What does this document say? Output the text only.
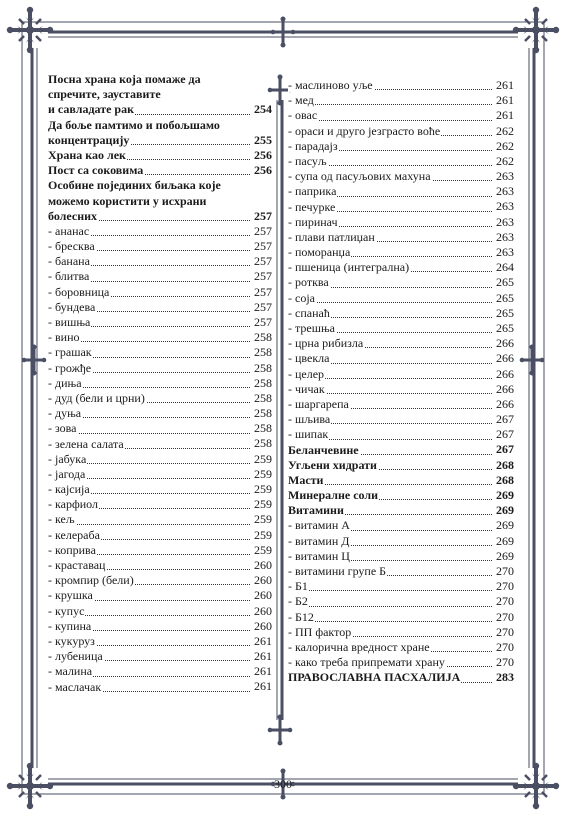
Посна храна која помаже да
спречите, зауставите
и савладате рак	254
Да боље памтимо и побољшамо
концентрацију	255
Храна као лек	256
Пост са соковима	256
Особине појединих биљака које
можемо користити у исхрани
болесних	257
- ананас	257
- бресква	257
- банана	257
- блитва	257
- боровница	257
- бундева	257
- вишња	257
- вино	258
- грашак	258
- грожђе	258
- диња	258
- дуд (бели и црни)	258
- дуња	258
- зова	258
- зелена салата	258
- јабука	259
- јагода	259
- кајсија	259
- карфиол	259
- кељ	259
- келераба	259
- коприва	259
- краставац	260
- кромпир (бели)	260
- крушка	260
- купус	260
- купина	260
- кукуруз	261
- лубеница	261
- малина	261
- маслачак	261
- маслиново уље	261
- мед	261
- овас	261
- ораси и друго језграсто воће	262
- парадајз	262
- пасуљ	262
- супа од пасуљових махуна	263
- паприка	263
- печурке	263
- пиринач	263
- плави патлиџан	263
- поморанџа	263
- пшеница (интегрална)	264
- ротква	265
- соја	265
- спанаћ	265
- трешња	265
- црна рибизла	266
- цвекла	266
- целер	266
- чичак	266
- шаргарепа	266
- шљива	267
- шипак	267
Беланчевине	267
Угљени хидрати	268
Масти	268
Минералне соли	269
Витамини	269
- витамин А	269
- витамин Д	269
- витамин Ц	269
- витамини групе Б	270
- Б1	270
- Б2	270
- Б12	270
- ПП фактор	270
- калорична вредност хране	270
- како треба припремати храну	270
ПРАВОСЛАВНА ПАСХАЛИЈА	283
300
